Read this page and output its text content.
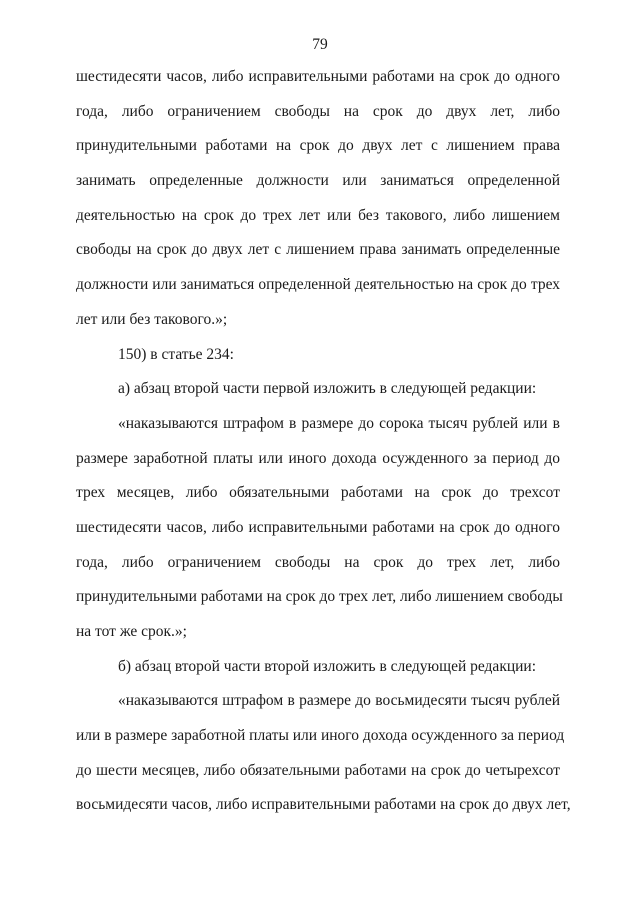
79
шестидесяти часов, либо исправительными работами на срок до одного
года, либо ограничением свободы на срок до двух лет, либо
принудительными работами на срок до двух лет с лишением права
занимать определенные должности или заниматься определенной
деятельностью на срок до трех лет или без такового, либо лишением
свободы на срок до двух лет с лишением права занимать определенные
должности или заниматься определенной деятельностью на срок до трех
лет или без такового.»;
150) в статье 234:
а) абзац второй части первой изложить в следующей редакции:
«наказываются штрафом в размере до сорока тысяч рублей или в
размере заработной платы или иного дохода осужденного за период до
трех месяцев, либо обязательными работами на срок до трехсот
шестидесяти часов, либо исправительными работами на срок до одного
года, либо ограничением свободы на срок до трех лет, либо
принудительными работами на срок до трех лет, либо лишением свободы
на тот же срок.»;
б) абзац второй части второй изложить в следующей редакции:
«наказываются штрафом в размере до восьмидесяти тысяч рублей
или в размере заработной платы или иного дохода осужденного за период
до шести месяцев, либо обязательными работами на срок до четырехсот
восьмидесяти часов, либо исправительными работами на срок до двух лет,
